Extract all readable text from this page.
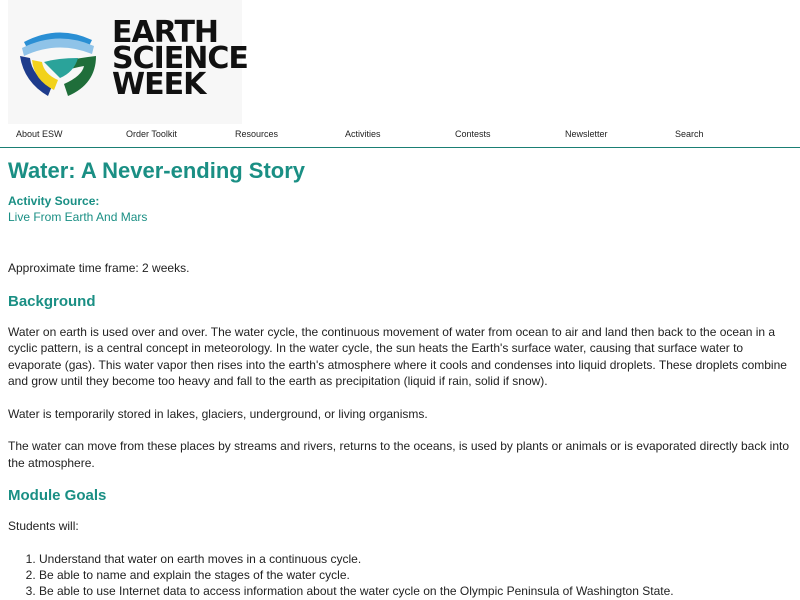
EARTH
SCIENCE
WEEK
About ESW	Order Toolkit	Resources	Activities	Contests	Newsletter	Search
Water: A Never-ending Story
Activity Source:
Live From Earth And Mars

Approximate time frame: 2 weeks.

Background

Water on earth is used over and over. The water cycle, the continuous movement of water from ocean to air and land then back to the ocean in a cyclic pattern, is a central concept in meteorology. In the water cycle, the sun heats the Earth's surface water, causing that surface water to evaporate (gas). This water vapor then rises into the earth's atmosphere where it cools and condenses into liquid droplets. These droplets combine and grow until they become too heavy and fall to the earth as precipitation (liquid if rain, solid if snow).

Water is temporarily stored in lakes, glaciers, underground, or living organisms.

The water can move from these places by streams and rivers, returns to the oceans, is used by plants or animals or is evaporated directly back into the atmosphere.

Module Goals

Students will:

1. Understand that water on earth moves in a continuous cycle.
2. Be able to name and explain the stages of the water cycle.
3. Be able to use Internet data to access information about the water cycle on the Olympic Peninsula of Washington State.
